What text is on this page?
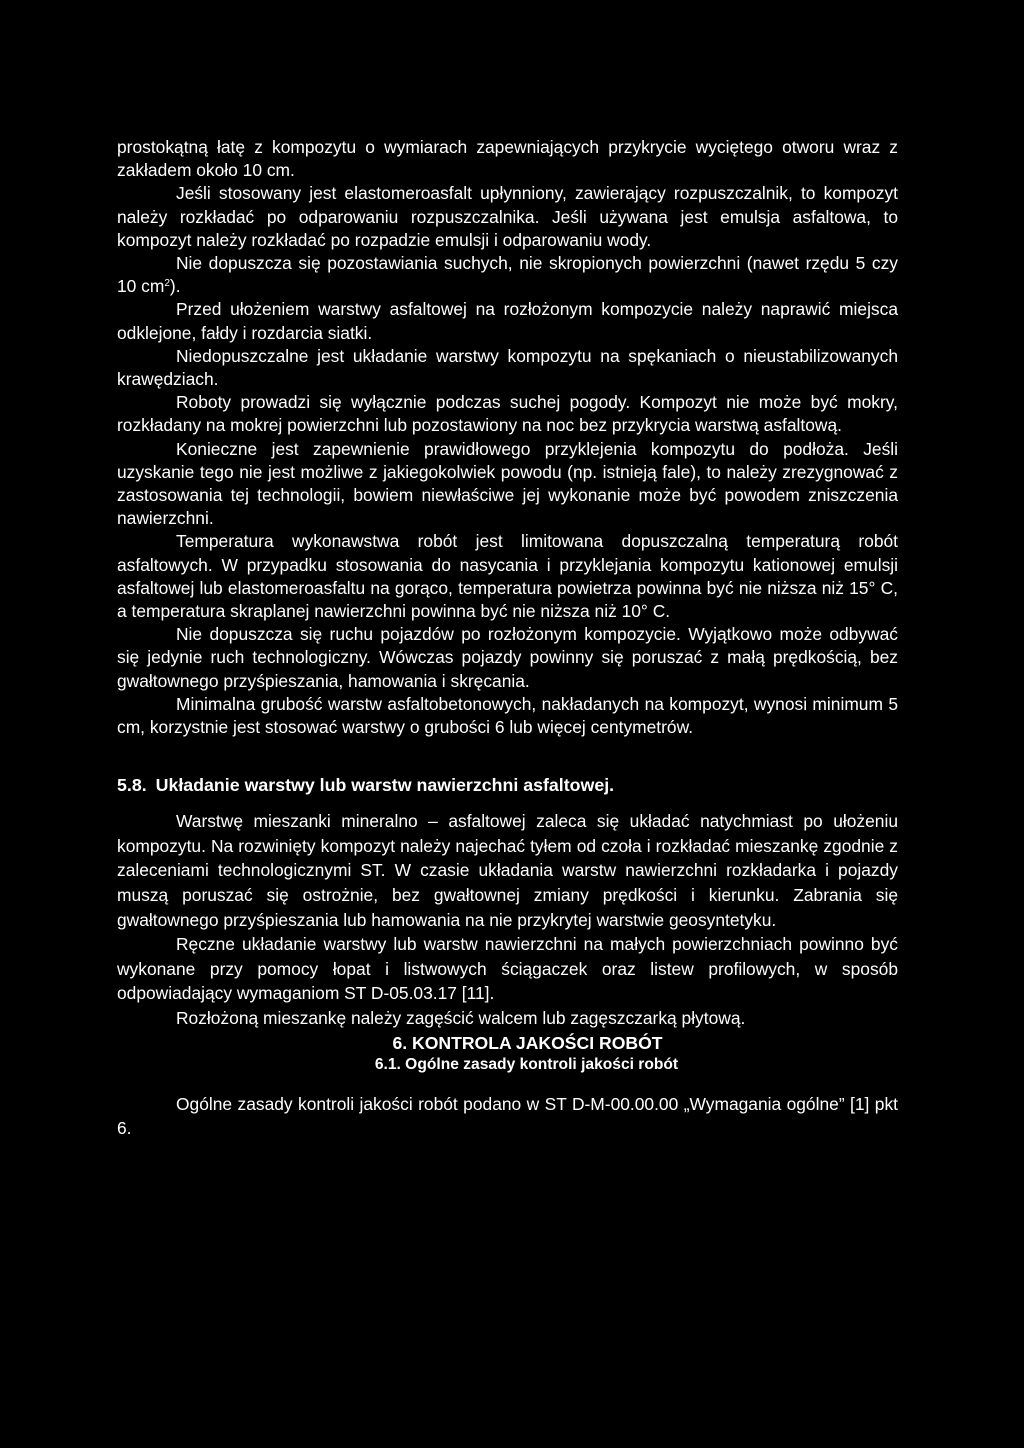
prostokątną łatę z kompozytu o wymiarach zapewniających przykrycie wyciętego otworu wraz z zakładem około 10 cm.

Jeśli stosowany jest elastomeroasfalt upłynniony, zawierający rozpuszczalnik, to kompozyt należy rozkładać po odparowaniu rozpuszczalnika. Jeśli używana jest emulsja asfaltowa, to kompozyt należy rozkładać po rozpadzie emulsji i odparowaniu wody.

Nie dopuszcza się pozostawiania suchych, nie skropionych powierzchni (nawet rzędu 5 czy 10 $cm^2$).

Przed ułożeniem warstwy asfaltowej na rozłożonym kompozycie należy naprawić miejsca odklejone, fałdy i rozdarcia siatki.

Niedopuszczalne jest układanie warstwy kompozytu na spękaniach o nieustabilizowanych krawędziach.

Roboty prowadzi się wyłącznie podczas suchej pogody. Kompozyt nie może być mokry, rozkładany na mokrej powierzchni lub pozostawiony na noc bez przykrycia warstwą asfaltową.

Konieczne jest zapewnienie prawidłowego przyklejenia kompozytu do podłoża. Jeśli uzyskanie tego nie jest możliwe z jakiegokolwiek powodu (np. istnieją fale), to należy zrezygnować z zastosowania tej technologii, bowiem niewłaściwe jej wykonanie może być powodem zniszczenia nawierzchni.

Temperatura wykonawstwa robót jest limitowana dopuszczalną temperaturą robót asfaltowych. W przypadku stosowania do nasycania i przyklejania kompozytu kationowej emulsji asfaltowej lub elastomeroasfaltu na gorąco, temperatura powietrza powinna być nie niższa niż 15° C, a temperatura skraplanej nawierzchni powinna być nie niższa niż 10° C.

Nie dopuszcza się ruchu pojazdów po rozłożonym kompozycie. Wyjątkowo może odbywać się jedynie ruch technologiczny. Wówczas pojazdy powinny się poruszać z małą prędkością, bez gwałtownego przyśpieszania, hamowania i skręcania.

Minimalna grubość warstw asfaltobetonowych, nakładanych na kompozyt, wynosi minimum 5 cm, korzystnie jest stosować warstwy o grubości 6 lub więcej centymetrów.

5.8. Układanie warstwy lub warstw nawierzchni asfaltowej.

Warstwę mieszanki mineralno – asfaltowej zaleca się układać natychmiast po ułożeniu kompozytu. Na rozwinięty kompozyt należy najechać tyłem od czoła i rozkładać mieszankę zgodnie z zaleceniami technologicznymi ST. W czasie układania warstw nawierzchni rozkładarka i pojazdy muszą poruszać się ostrożnie, bez gwałtownej zmiany prędkości i kierunku. Zabrania się gwałtownego przyśpieszania lub hamowania na nie przykrytej warstwie geosyntetyku.

Ręczne układanie warstwy lub warstw nawierzchni na małych powierzchniach powinno być wykonane przy pomocy łopat i listwowych ściągaczek oraz listew profilowych, w sposób odpowiadający wymaganiom ST D-05.03.17 [11].

Rozłożoną mieszankę należy zagęścić walcem lub zagęszczarką płytową.

6. KONTROLA JAKOŚCI ROBÓT
6.1. Ogólne zasady kontroli jakości robót

Ogólne zasady kontroli jakości robót podano w ST D-M-00.00.00 „Wymagania ogólne” [1] pkt 6.
